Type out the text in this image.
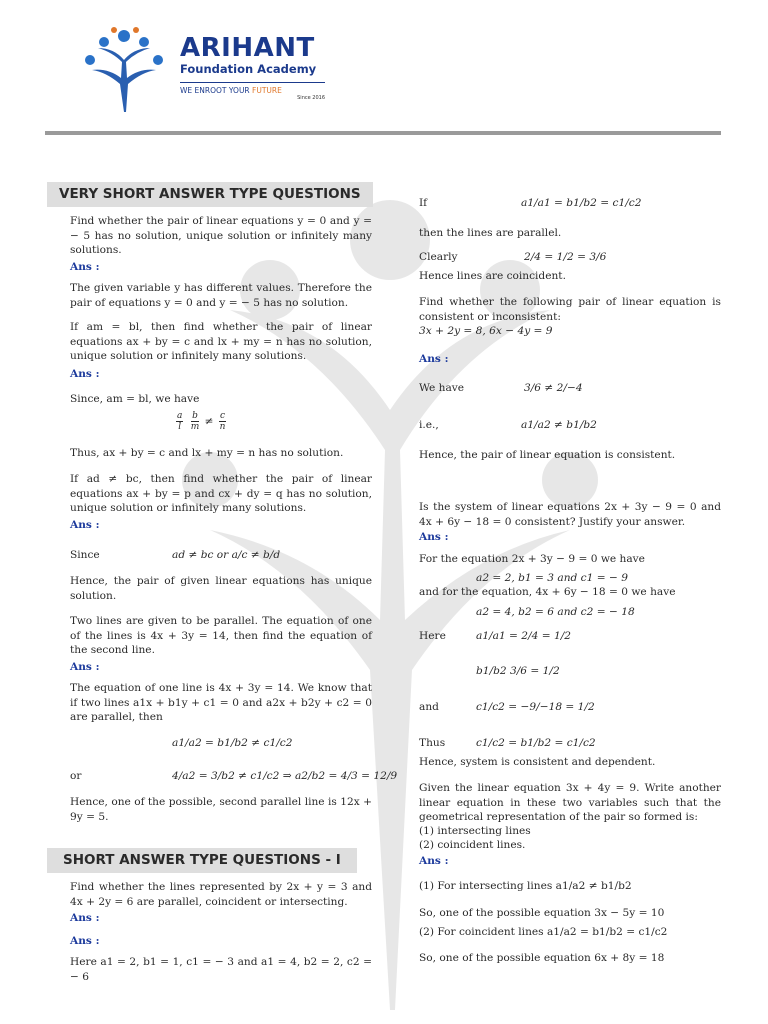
ARIHANT
Foundation Academy
WE ENROOT YOUR FUTURE
Since 2016
VERY SHORT ANSWER TYPE QUESTIONS
Find whether the pair of linear equations y = 0 and y = − 5 has no solution, unique solution or infinitely many solutions.
Ans :
The given variable y has different values. Therefore the pair of equations y = 0 and y = − 5 has no solution.
If am = bl, then find whether the pair of linear equations ax + by = c and lx + my = n has no solution, unique solution or infinitely many solutions.
Ans :
Since, am = bl, we have
$\frac{a}{l}$
$\frac{b}{m} \ne \frac{c}{n}$
Thus, ax + by = c and lx + my = n has no solution.
If ad ≠ bc, then find whether the pair of linear equations ax + by = p and cx + dy = q has no solution, unique solution or infinitely many solutions.
Ans :
Since	ad ≠ bc or a/c ≠ b/d
Hence, the pair of given linear equations has unique solution.
Two lines are given to be parallel. The equation of one of the lines is 4x + 3y = 14, then find the equation of the second line.
Ans :
The equation of one line is 4x + 3y = 14. We know that if two lines a1x + b1y + c1 = 0 and a2x + b2y + c2 = 0 are parallel, then
a1/a2 = b1/b2 ≠ c1/c2
or	4/a2 = 3/b2 ≠ c1/c2 ⇒ a2/b2 = 4/3 = 12/9
Hence, one of the possible, second parallel line is 12x + 9y = 5.
SHORT ANSWER TYPE QUESTIONS - I
Find whether the lines represented by 2x + y = 3 and 4x + 2y = 6 are parallel, coincident or intersecting.
Ans :
Ans :
Here a1 = 2, b1 = 1, c1 = − 3 and a1 = 4, b2 = 2, c2 = − 6
If	a1/a1 = b1/b2 = c1/c2
then the lines are parallel.
Clearly	2/4 = 1/2 = 3/6
Hence lines are coincident.
Find whether the following pair of linear equation is consistent or inconsistent:
3x + 2y = 8, 6x − 4y = 9
Ans :
We have	3/6 ≠ 2/−4
i.e.,	a1/a2 ≠ b1/b2
Hence, the pair of linear equation is consistent.
Is the system of linear equations 2x + 3y − 9 = 0 and 4x + 6y − 18 = 0 consistent? Justify your answer.
Ans :
For the equation 2x + 3y − 9 = 0 we have
a2 = 2, b1 = 3 and c1 = − 9
and for the equation, 4x + 6y − 18 = 0 we have
a2 = 4, b2 = 6 and c2 = − 18
Here	a1/a1 = 2/4 = 1/2
b1/b2 3/6 = 1/2
and	c1/c2 = −9/−18 = 1/2
Thus	c1/c2 = b1/b2 = c1/c2
Hence, system is consistent and dependent.
Given the linear equation 3x + 4y = 9. Write another linear equation in these two variables such that the geometrical representation of the pair so formed is:
(1) intersecting lines
(2) coincident lines.
Ans :
(1) For intersecting lines a1/a2 ≠ b1/b2
So, one of the possible equation 3x − 5y = 10
(2) For coincident lines a1/a2 = b1/b2 = c1/c2
So, one of the possible equation 6x + 8y = 18
